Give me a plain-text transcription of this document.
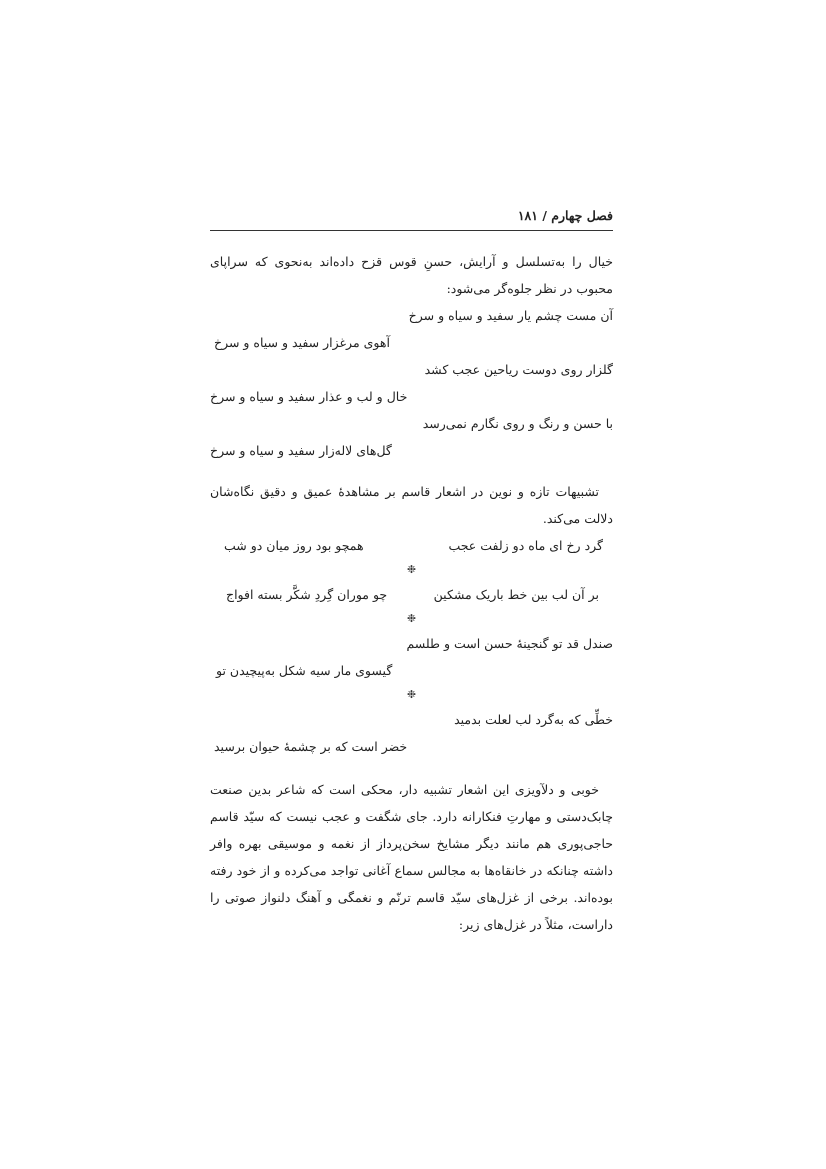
فصل چهارم / ۱۸۱
خیال را به‌تسلسل و آرایش، حسنِ قوس قزح داده‌اند به‌نحوی که سراپای محبوب در نظر جلوه‌گر می‌شود:
آن مست چشم یار سفید و سیاه و سرخ
آهوی مرغزار سفید و سیاه و سرخ
گلزار روی دوست ریاحین عجب کشد
خال و لب و عذار سفید و سیاه و سرخ
با حسن و رنگ و روی نگارم نمی‌رسد
گل‌های لاله‌زار سفید و سیاه و سرخ
تشبیهات تازه و نوین در اشعار قاسم بر مشاهدهٔ عمیق و دقیق نگاه‌شان دلالت می‌کند.
گرد رخ ای ماه دو زلفت عجب
همچو بود روز میان دو شب
❉
بر آن لب بین خط باریک مشکین
چو موران گِردِ شکَّر بسته افواج
❉
صندل قد تو گنجینهٔ حسن است و طلسم
گیسوی مار سیه شکل به‌پیچیدن تو
❉
خطِّی که به‌گرد لب لعلت بدمید
خضر است که بر چشمهٔ حیوان برسید
خوبی و دلآویزی این اشعار تشبیه دار، محکی است که شاعر بدین صنعت چابک‌دستی و مهارتِ فنکارانه دارد. جای شگفت و عجب نیست که سیّد قاسم حاجی‌پوری هم مانند دیگر مشایخ سخن‌پرداز از نغمه و موسیقی بهره وافر داشته چنانکه در خانقاه‌ها به مجالس سماع آغانی تواجد می‌کرده و از خود رفته بوده‌اند. برخی از غزل‌های سیّد قاسم ترنّم و نغمگی و آهنگ دلنواز صوتی را داراست، مثلاً در غزل‌های زیر:
